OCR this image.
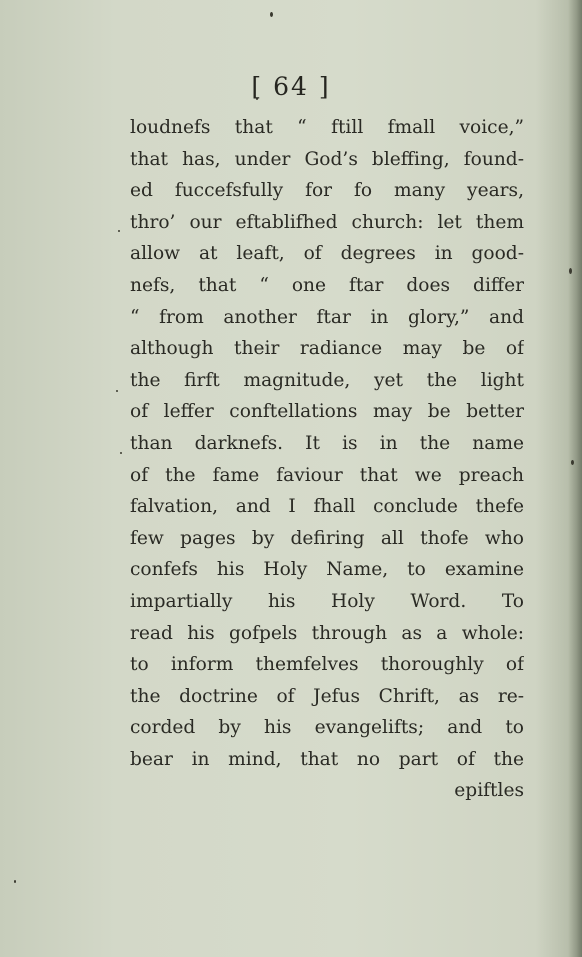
[ 64 ]
loudnefs that “ ftill fmall voice,”
that has, under God’s bleffing, found-
ed fuccefsfully for fo many years,
thro’ our eftablifhed church: let them
allow at leaft, of degrees in good-
nefs, that “ one ftar does differ
“ from another ftar in glory,” and
although their radiance may be of
the firft magnitude, yet the light
of leffer conftellations may be better
than darknefs. It is in the name
of the fame faviour that we preach
falvation, and I fhall conclude thefe
few pages by defiring all thofe who
confefs his Holy Name, to examine
impartially his Holy Word. To
read his gofpels through as a whole:
to inform themfelves thoroughly of
the doctrine of Jefus Chrift, as re-
corded by his evangelifts; and to
bear in mind, that no part of the
epiftles
